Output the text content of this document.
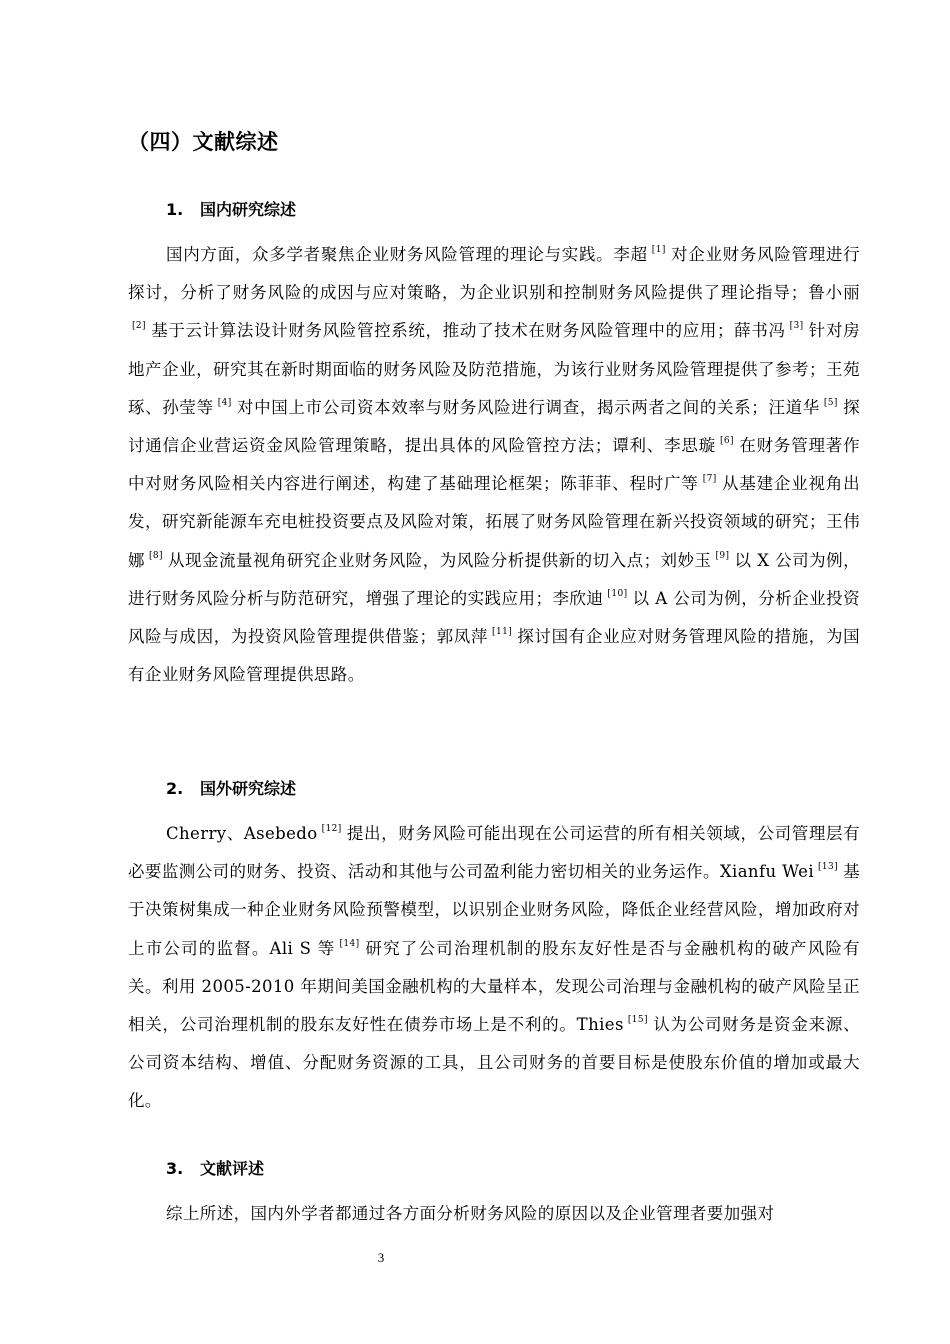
（四）文献综述
1. 国内研究综述

国内方面，众多学者聚焦企业财务风险管理的理论与实践。李超 [1] 对企业财务风险管理进行探讨，分析了财务风险的成因与应对策略，为企业识别和控制财务风险提供了理论指导；鲁小丽[2] 基于云计算法设计财务风险管控系统，推动了技术在财务风险管理中的应用；薛书冯 [3] 针对房地产企业，研究其在新时期面临的财务风险及防范措施，为该行业财务风险管理提供了参考；王苑琢、孙莹等 [4] 对中国上市公司资本效率与财务风险进行调查，揭示两者之间的关系；汪道华 [5] 探讨通信企业营运资金风险管理策略，提出具体的风险管控方法；谭利、李思璇 [6] 在财务管理著作中对财务风险相关内容进行阐述，构建了基础理论框架；陈菲菲、程时广等 [7] 从基建企业视角出发，研究新能源车充电桩投资要点及风险对策，拓展了财务风险管理在新兴投资领域的研究；王伟娜 [8] 从现金流量视角研究企业财务风险，为风险分析提供新的切入点；刘妙玉 [9] 以 X 公司为例，进行财务风险分析与防范研究，增强了理论的实践应用；李欣迪 [10] 以 A 公司为例，分析企业投资风险与成因，为投资风险管理提供借鉴；郭凤萍 [11] 探讨国有企业应对财务管理风险的措施，为国有企业财务风险管理提供思路。

2. 国外研究综述

Cherry、Asebedo [12] 提出，财务风险可能出现在公司运营的所有相关领域，公司管理层有必要监测公司的财务、投资、活动和其他与公司盈利能力密切相关的业务运作。Xianfu Wei [13] 基于决策树集成一种企业财务风险预警模型，以识别企业财务风险，降低企业经营风险，增加政府对上市公司的监督。Ali S 等 [14] 研究了公司治理机制的股东友好性是否与金融机构的破产风险有关。利用 2005-2010 年期间美国金融机构的大量样本，发现公司治理与金融机构的破产风险呈正相关，公司治理机制的股东友好性在债券市场上是不利的。Thies [15] 认为公司财务是资金来源、公司资本结构、增值、分配财务资源的工具，且公司财务的首要目标是使股东价值的增加或最大化。

3. 文献评述

综上所述，国内外学者都通过各方面分析财务风险的原因以及企业管理者要加强对

3
